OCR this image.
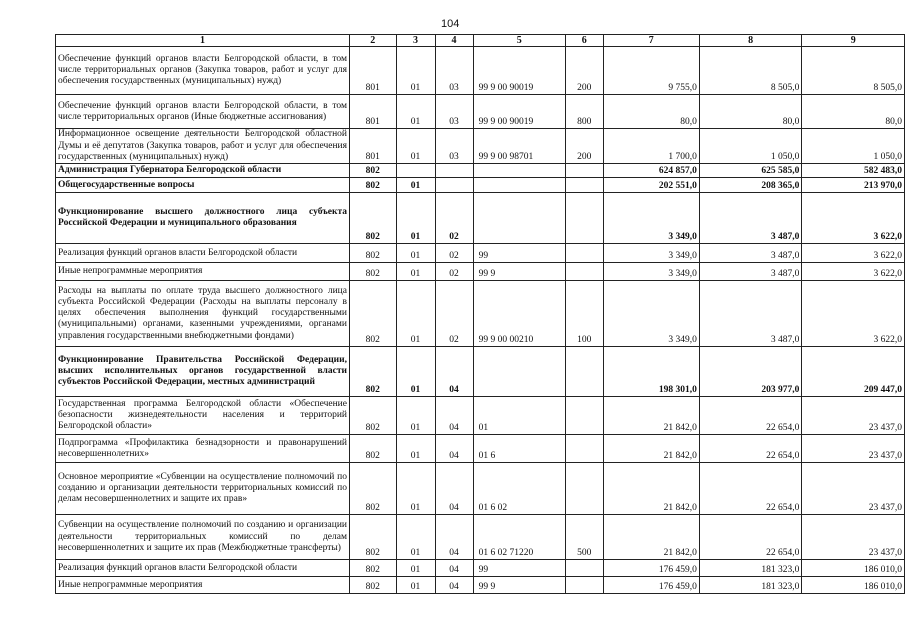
104
1	2	3	4	5	6	7	8	9
Обеспечение функций органов власти Белгородской области, в том числе территориальных органов (Закупка товаров, работ и услуг для обеспечения государственных (муниципальных) нужд)	801	01	03	99 9 00 90019	200	9 755,0	8 505,0	8 505,0
Обеспечение функций органов власти Белгородской области, в том числе территориальных органов (Иные бюджетные ассигнования)	801	01	03	99 9 00 90019	800	80,0	80,0	80,0
Информационное освещение деятельности Белгородской областной Думы и её депутатов (Закупка товаров, работ и услуг для обеспечения государственных (муниципальных) нужд)	801	01	03	99 9 00 98701	200	1 700,0	1 050,0	1 050,0
Администрация Губернатора Белгородской области	802					624 857,0	625 585,0	582 483,0
Общегосударственные вопросы	802	01				202 551,0	208 365,0	213 970,0
Функционирование высшего должностного лица субъекта Российской Федерации и муниципального образования	802	01	02			3 349,0	3 487,0	3 622,0
Реализация функций органов власти Белгородской области	802	01	02	99		3 349,0	3 487,0	3 622,0
Иные непрограммные мероприятия	802	01	02	99 9		3 349,0	3 487,0	3 622,0
Расходы на выплаты по оплате труда высшего должностного лица субъекта Российской Федерации (Расходы на выплаты персоналу в целях обеспечения выполнения функций государственными (муниципальными) органами, казенными учреждениями, органами управления государственными внебюджетными фондами)	802	01	02	99 9 00 00210	100	3 349,0	3 487,0	3 622,0
Функционирование Правительства Российской Федерации, высших исполнительных органов государственной власти субъектов Российской Федерации, местных администраций	802	01	04			198 301,0	203 977,0	209 447,0
Государственная программа Белгородской области «Обеспечение безопасности жизнедеятельности населения и территорий Белгородской области»	802	01	04	01		21 842,0	22 654,0	23 437,0
Подпрограмма «Профилактика безнадзорности и правонарушений несовершеннолетних»	802	01	04	01 6		21 842,0	22 654,0	23 437,0
Основное мероприятие «Субвенции на осуществление полномочий по созданию и организации деятельности территориальных комиссий по делам несовершеннолетних и защите их прав»	802	01	04	01 6 02		21 842,0	22 654,0	23 437,0
Субвенции на осуществление полномочий по созданию и организации деятельности территориальных комиссий по делам несовершеннолетних и защите их прав (Межбюджетные трансферты)	802	01	04	01 6 02 71220	500	21 842,0	22 654,0	23 437,0
Реализация функций органов власти Белгородской области	802	01	04	99		176 459,0	181 323,0	186 010,0
Иные непрограммные мероприятия	802	01	04	99 9		176 459,0	181 323,0	186 010,0
